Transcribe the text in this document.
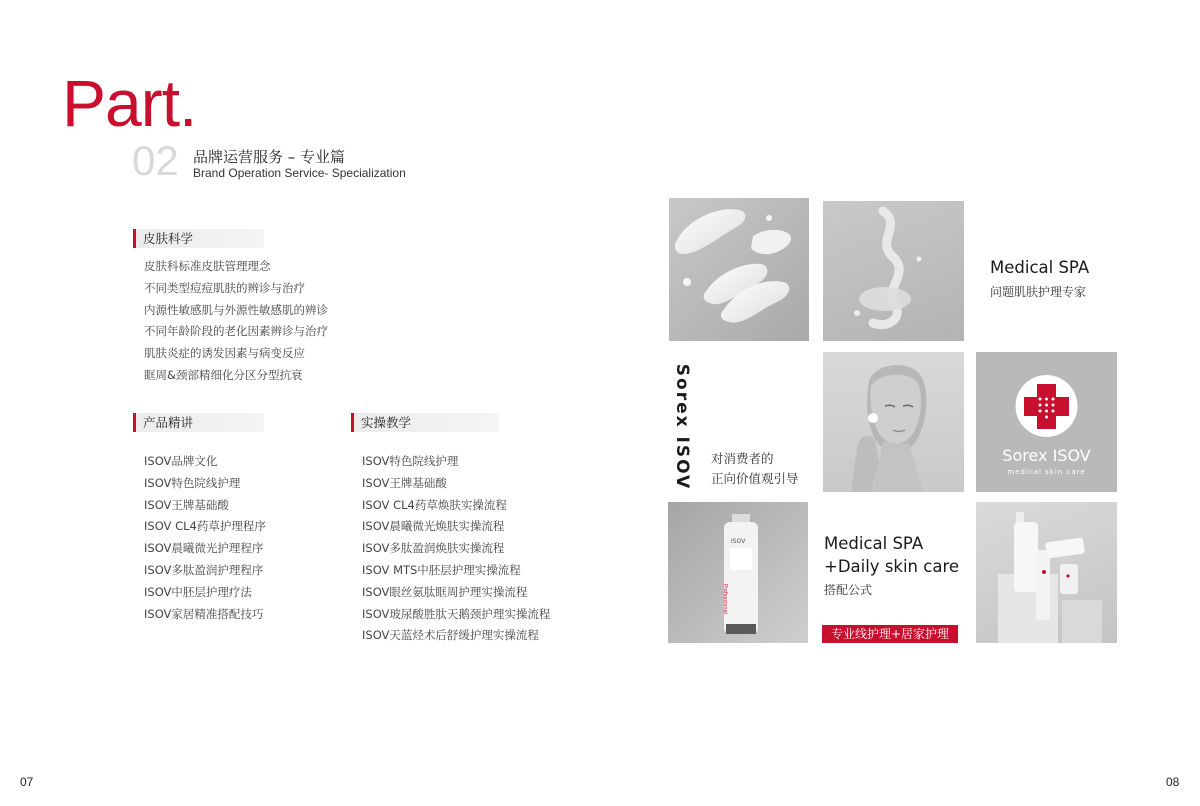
Part.
02 品牌运营服务 – 专业篇
Brand Operation Service- Specialization
皮肤科学
皮肤科标准皮肤管理理念
不同类型痘痘肌肤的辨诊与治疗
内源性敏感肌与外源性敏感肌的辨诊
不同年龄阶段的老化因素辨诊与治疗
肌肤炎症的诱发因素与病变反应
眶周&颈部精细化分区分型抗衰
产品精讲
ISOV品牌文化
ISOV特色院线护理
ISOV王牌基础酸
ISOV CL4药草护理程序
ISOV晨曦微光护理程序
ISOV多肽盈润护理程序
ISOV中胚层护理疗法
ISOV家居精准搭配技巧
实操教学
ISOV特色院线护理
ISOV王牌基础酸
ISOV CL4药草焕肤实操流程
ISOV晨曦微光焕肤实操流程
ISOV多肽盈润焕肤实操流程
ISOV MTS中胚层护理实操流程
ISOV眼丝氨肽眶周护理实操流程
ISOV玻尿酸胜肽天鹅颈护理实操流程
ISOV天蓝烃术后舒缓护理实操流程
Medical SPA
问题肌肤护理专家
Sorex ISOV 对消费者的
正向价值观引导
Sorex ISOV
medical skin care
ISOV
Professional
Medical SPA
+Daily skin care
搭配公式
专业线护理+居家护理
07	08
